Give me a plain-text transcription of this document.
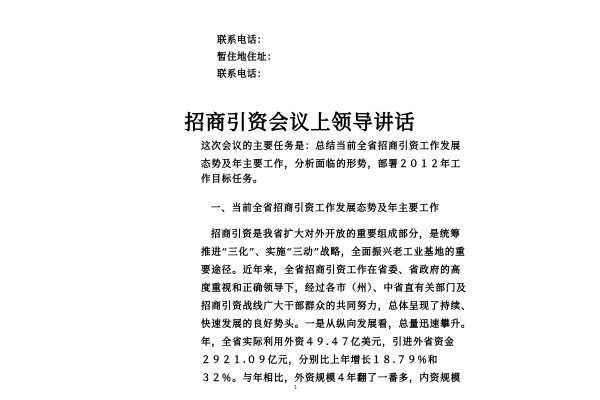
联系电话：
暂住地住址：
联系电话：
招商引资会议上领导讲话
这次会议的主要任务是：总结当前全省招商引资工作发展
态势及年主要工作，分析面临的形势，部署２０１２年工
作目标任务。
一、当前全省招商引资工作发展态势及年主要工作
招商引资是我省扩大对外开放的重要组成部分，是统筹
推进“三化”、实施“三动”战略，全面振兴老工业基地的重
要途径。近年来，全省招商引资工作在省委、省政府的高
度重视和正确领导下，经过各市（州）、中省直有关部门及
招商引资战线广大干部群众的共同努力，总体呈现了持续、
快速发展的良好势头。一是从纵向发展看，总量迅速攀升。
年，全省实际利用外资４９.４７亿美元，引进外省资金
２９２１.０９亿元，分别比上年增长１８.７９％和
３２％。与年相比，外资规模４年翻了一番多，内资规模
1
